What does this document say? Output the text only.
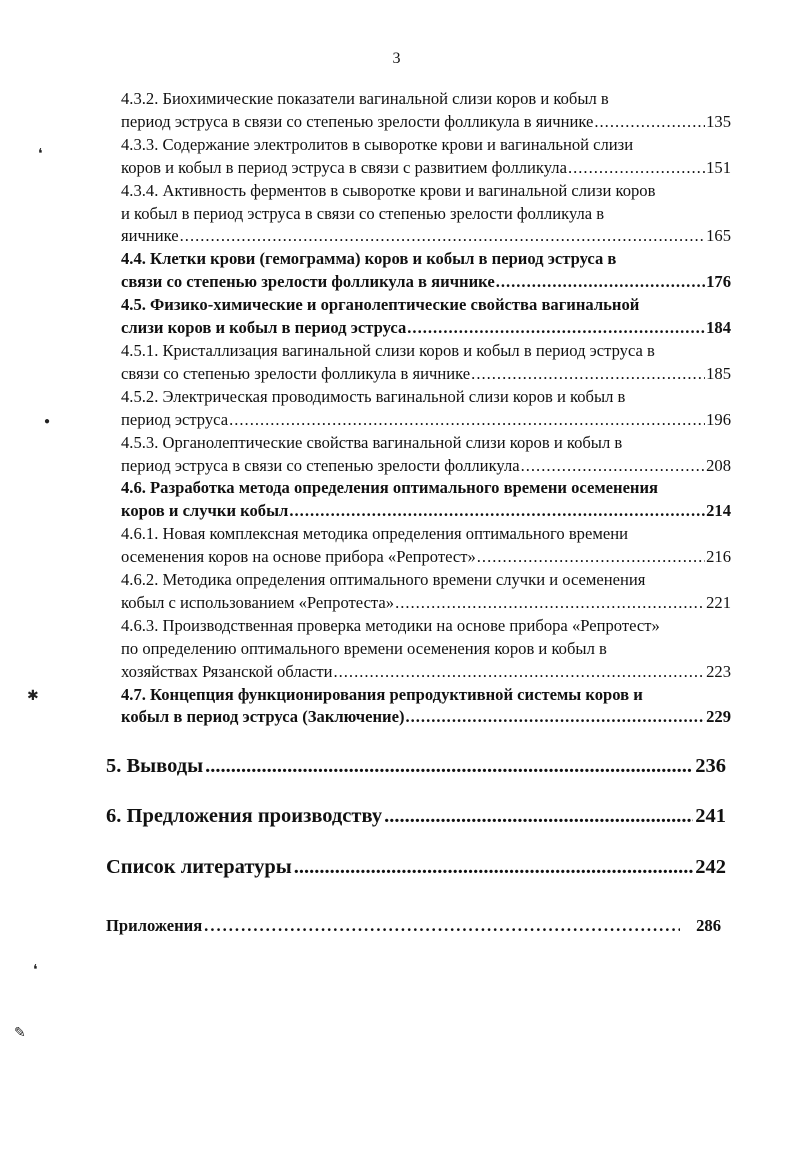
3
4.3.2. Биохимические показатели вагинальной слизи коров и кобыл в
период эструса в связи со степенью зрелости фолликула в яичнике .....	135
4.3.3. Содержание электролитов в сыворотке крови и вагинальной слизи
коров и кобыл в период эструса в связи с развитием фолликула .....	151
4.3.4. Активность ферментов в сыворотке крови и вагинальной слизи коров
и кобыл в период эструса в связи со степенью зрелости фолликула в
яичнике .....	165
4.4. Клетки крови (гемограмма) коров и кобыл в период эструса в
связи со степенью зрелости фолликула в яичнике .....	176
4.5. Физико-химические и органолептические свойства вагинальной
слизи коров и кобыл в период эструса .....	184
4.5.1. Кристаллизация вагинальной слизи коров и кобыл в период эструса в
связи со степенью зрелости фолликула в яичнике .....	185
4.5.2. Электрическая проводимость вагинальной слизи коров и кобыл в
период эструса .....	196
4.5.3. Органолептические свойства вагинальной слизи коров и кобыл в
период эструса в связи со степенью зрелости фолликула .....	208
4.6. Разработка метода определения оптимального времени осеменения
коров и случки кобыл .....	214
4.6.1. Новая комплексная методика определения оптимального времени
осеменения коров на основе прибора «Репротест» .....	216
4.6.2. Методика определения оптимального времени случки и осеменения
кобыл с использованием «Репротеста» .....	221
4.6.3. Производственная проверка методики на основе прибора «Репротест»
по определению оптимального времени осеменения коров и кобыл в
хозяйствах Рязанской области .....	223
4.7. Концепция функционирования репродуктивной системы коров и
кобыл в период эструса (Заключение) .....	229
5. Выводы .....	236
6. Предложения производству .....	241
Список литературы .....	242
Приложения .....	286
❛
●
✱
❛
✎
